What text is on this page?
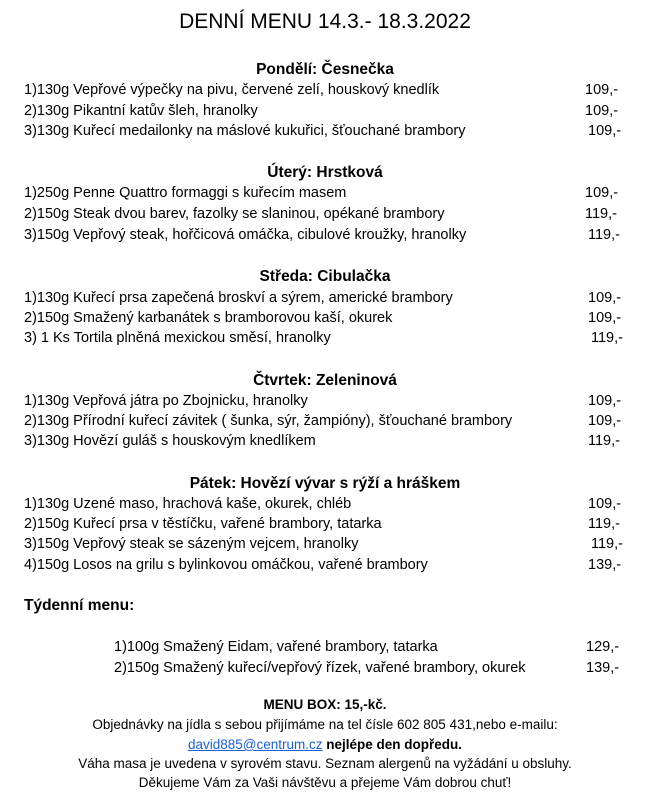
DENNÍ MENU 14.3.- 18.3.2022
Pondělí: Česnečka
1)130g Vepřové výpečky na pivu, červené zelí, houskový knedlík	109,-
2)130g Pikantní katův šleh, hranolky	109,-
3)130g Kuřecí medailonky na máslové kukuřici, šťouchané brambory	109,-
Úterý: Hrstková
1)250g Penne Quattro formaggi s kuřecím masem	109,-
2)150g Steak dvou barev, fazolky se slaninou, opékané brambory	119,-
3)150g Vepřový steak, hořčicová omáčka, cibulové kroužky, hranolky	119,-
Středa: Cibulačka
1)130g Kuřecí prsa zapečená broskví a sýrem, americké brambory	109,-
2)150g Smažený karbanátek s bramborovou kaší, okurek	109,-
3) 1 Ks Tortila plněná mexickou směsí, hranolky	119,-
Čtvrtek: Zeleninová
1)130g Vepřová játra po Zbojnicku, hranolky	109,-
2)130g Přírodní kuřecí závitek ( šunka, sýr, žampióny), šťouchané brambory	109,-
3)130g Hovězí guláš s houskovým knedlíkem	119,-
Pátek: Hovězí vývar s rýží a hráškem
1)130g Uzené maso, hrachová kaše, okurek, chléb	109,-
2)150g Kuřecí prsa v těstíčku, vařené brambory, tatarka	119,-
3)150g Vepřový steak se sázeným vejcem, hranolky	119,-
4)150g Losos na grilu s bylinkovou omáčkou, vařené brambory	139,-
Týdenní menu:
1)100g Smažený Eidam, vařené brambory, tatarka	129,-
2)150g Smažený kuřecí/vepřový řízek, vařené brambory, okurek	139,-
MENU BOX: 15,-kč.
Objednávky na jídla s sebou přijímáme na tel čísle 602 805 431,nebo e-mailu:
david885@centrum.cz nejlépe den dopředu.
Váha masa je uvedena v syrovém stavu. Seznam alergenů na vyžádání u obsluhy.
Děkujeme Vám za Vaši návštěvu a přejeme Vám dobrou chuť!
